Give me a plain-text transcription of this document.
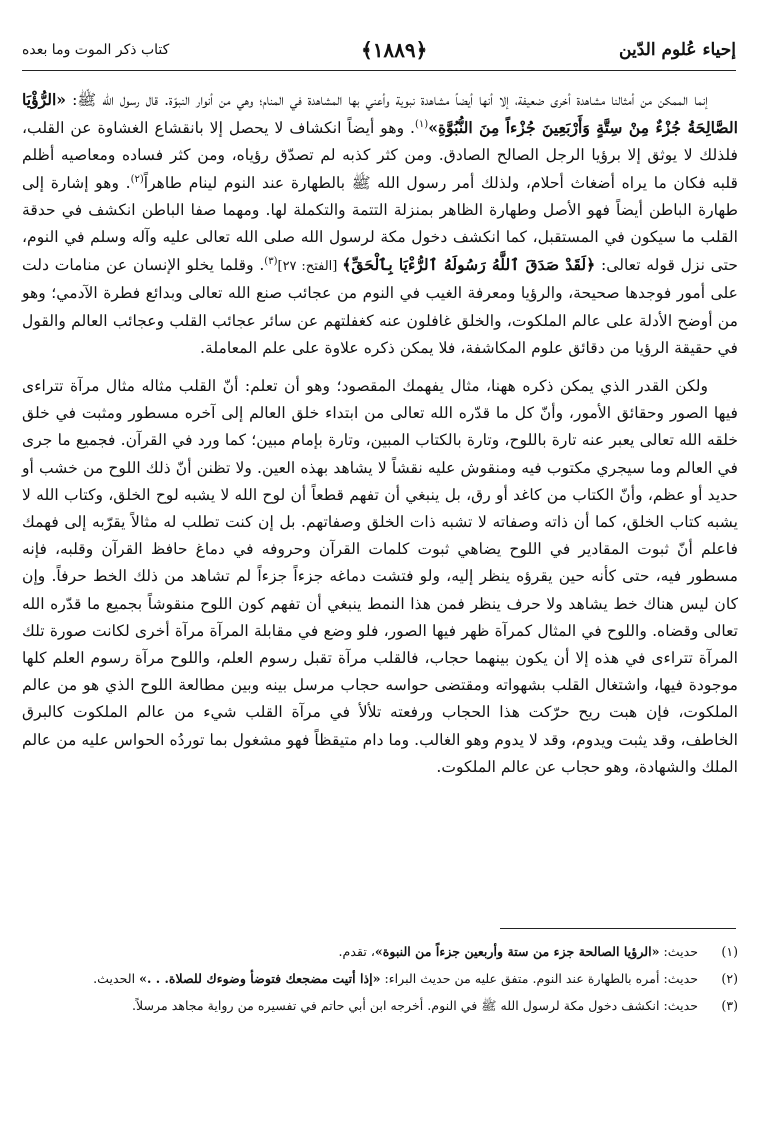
إحياء عُلوم الدّين
﴿١٨٨٩﴾
كتاب ذكر الموت وما بعده

إنما الممكن من أمثالنا مشاهدة أخرى ضعيفة، إلا أنها أيضاً مشاهدة نبوية وأعني بها المشاهدة في المنام؛ وهي من أنوار النبوّة. قال رسول الله ﷺ: «الرُّؤْيَا الصَّالِحَةُ جُزْءٌ مِنْ سِتَّةٍ وَأَرْبَعِينَ جُزْءاً مِنَ النُّبُوَّةِ»$^{(١)}$. وهو أيضاً انكشاف لا يحصل إلا بانقشاع الغشاوة عن القلب، فلذلك لا يوثق إلا برؤيا الرجل الصالح الصادق. ومن كثر كذبه لم تصدّق رؤياه، ومن كثر فساده ومعاصيه أظلم قلبه فكان ما يراه أضغاث أحلام، ولذلك أمر رسول الله ﷺ بالطهارة عند النوم لينام طاهراً$^{(٢)}$. وهو إشارة إلى طهارة الباطن أيضاً فهو الأصل وطهارة الظاهر بمنزلة التتمة والتكملة لها. ومهما صفا الباطن انكشف في حدقة القلب ما سيكون في المستقبل، كما انكشف دخول مكة لرسول الله صلى الله تعالى عليه وآله وسلم في النوم، حتى نزل قوله تعالى: ﴿لَقَدْ صَدَقَ ٱللَّهُ رَسُولَهُ ٱلرُّءْيَا بِٱلْحَقِّ﴾ [الفتح: ٢٧]$^{(٣)}$. وقلما يخلو الإنسان عن منامات دلت على أمور فوجدها صحيحة، والرؤيا ومعرفة الغيب في النوم من عجائب صنع الله تعالى وبدائع فطرة الآدمي؛ وهو من أوضح الأدلة على عالم الملكوت، والخلق غافلون عنه كغفلتهم عن سائر عجائب القلب وعجائب العالم والقول في حقيقة الرؤيا من دقائق علوم المكاشفة، فلا يمكن ذكره علاوة على علم المعاملة.

ولكن القدر الذي يمكن ذكره ههنا، مثال يفهمك المقصود؛ وهو أن تعلم: أنّ القلب مثاله مثال مرآة تتراءى فيها الصور وحقائق الأمور، وأنّ كل ما قدّره الله تعالى من ابتداء خلق العالم إلى آخره مسطور ومثبت في خلق خلقه الله تعالى يعبر عنه تارة باللوح، وتارة بالكتاب المبين، وتارة بإمام مبين؛ كما ورد في القرآن. فجميع ما جرى في العالم وما سيجري مكتوب فيه ومنقوش عليه نقشاً لا يشاهد بهذه العين. ولا تظنن أنّ ذلك اللوح من خشب أو حديد أو عظم، وأنّ الكتاب من كاغد أو رق، بل ينبغي أن تفهم قطعاً أن لوح الله لا يشبه لوح الخلق، وكتاب الله لا يشبه كتاب الخلق، كما أن ذاته وصفاته لا تشبه ذات الخلق وصفاتهم. بل إن كنت تطلب له مثالاً يقرّبه إلى فهمك فاعلم أنّ ثبوت المقادير في اللوح يضاهي ثبوت كلمات القرآن وحروفه في دماغ حافظ القرآن وقلبه، فإنه مسطور فيه، حتى كأنه حين يقرؤه ينظر إليه، ولو فتشت دماغه جزءاً جزءاً لم تشاهد من ذلك الخط حرفاً. وإن كان ليس هناك خط يشاهد ولا حرف ينظر فمن هذا النمط ينبغي أن تفهم كون اللوح منقوشاً بجميع ما قدّره الله تعالى وقضاه. واللوح في المثال كمرآة ظهر فيها الصور، فلو وضع في مقابلة المرآة مرآة أخرى لكانت صورة تلك المرآة تتراءى في هذه إلا أن يكون بينهما حجاب، فالقلب مرآة تقبل رسوم العلم، واللوح مرآة رسوم العلم كلها موجودة فيها، واشتغال القلب بشهواته ومقتضى حواسه حجاب مرسل بينه وبين مطالعة اللوح الذي هو من عالم الملكوت، فإن هبت ريح حرّكت هذا الحجاب ورفعته تلألأ في مرآة القلب شيء من عالم الملكوت كالبرق الخاطف، وقد يثبت ويدوم، وقد لا يدوم وهو الغالب. وما دام متيقظاً فهو مشغول بما توردُه الحواس عليه من عالم الملك والشهادة، وهو حجاب عن عالم الملكوت.

(١)
حديث: «الرؤيا الصالحة جزء من ستة وأربعين جزءاً من النبوة»، تقدم.
(٢)
حديث: أمره بالطهارة عند النوم. متفق عليه من حديث البراء: «إذا أتيت مضجعك فتوضأ وضوءك للصلاة. . .» الحديث.
(٣)
حديث: انكشف دخول مكة لرسول الله ﷺ في النوم. أخرجه ابن أبي حاتم في تفسيره من رواية مجاهد مرسلاً.
